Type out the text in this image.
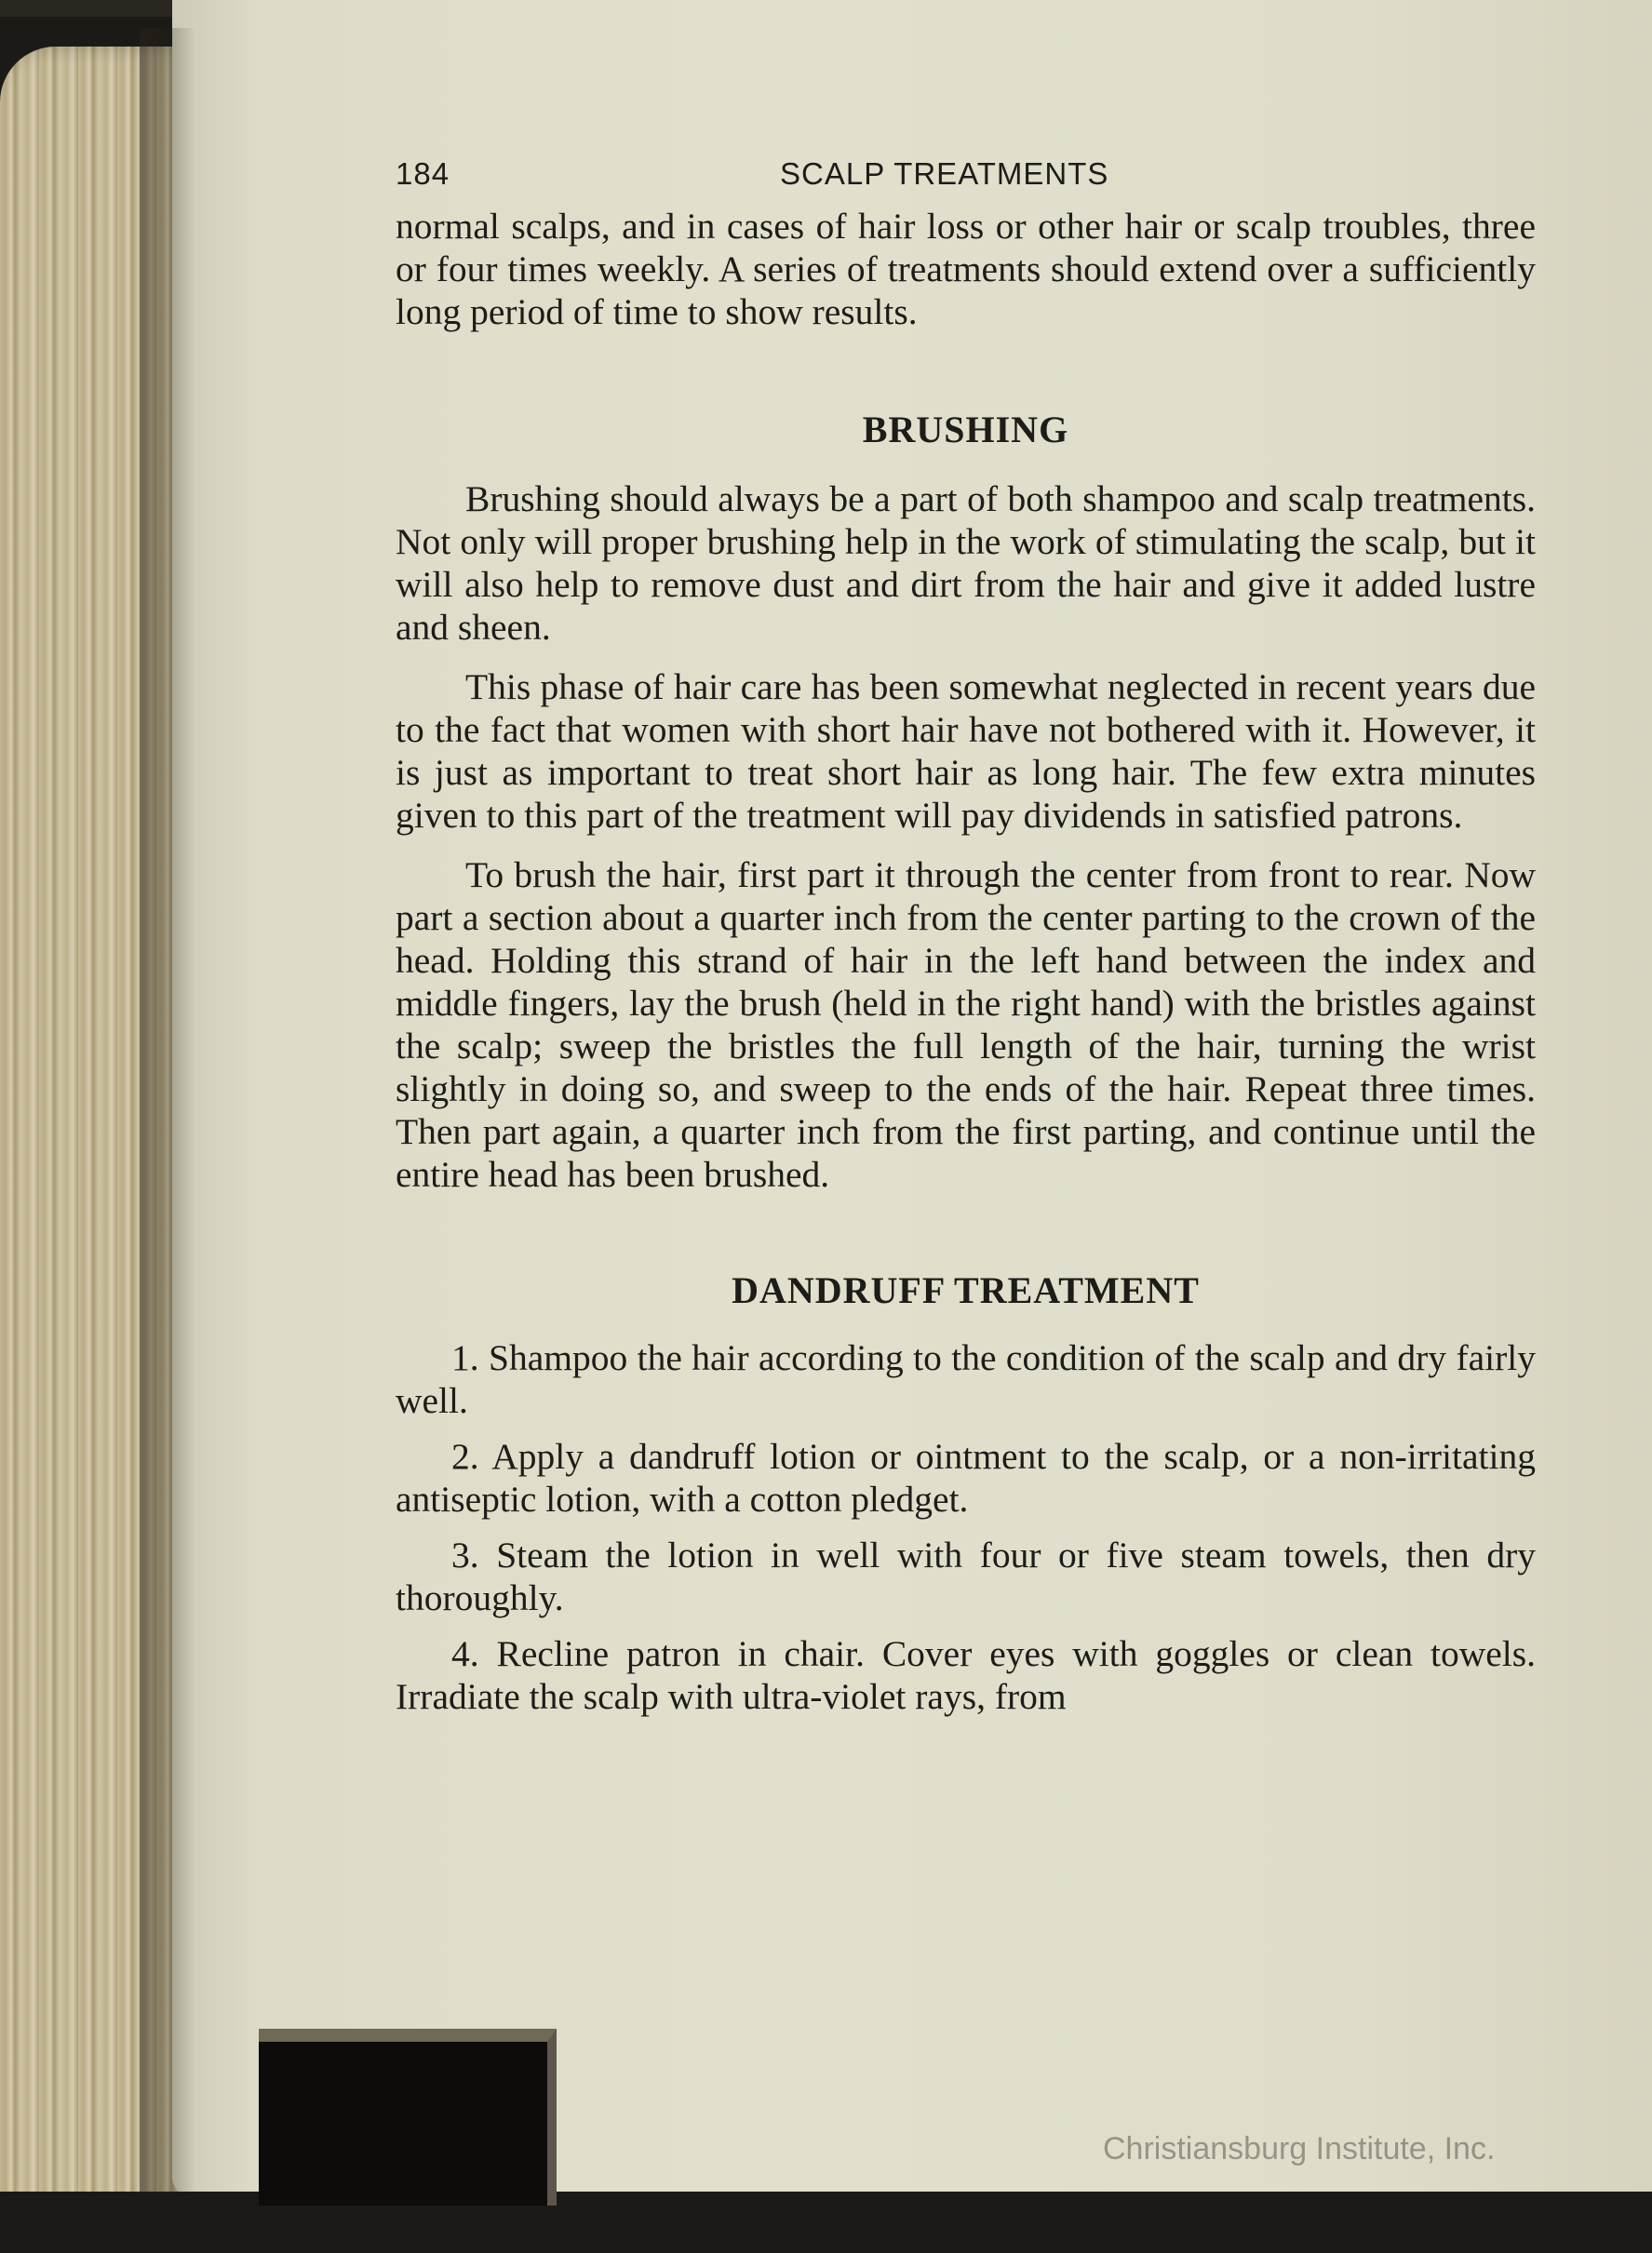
184	SCALP TREATMENTS

normal scalps, and in cases of hair loss or other hair or scalp troubles, three or four times weekly. A series of treatments should extend over a sufficiently long period of time to show results.

BRUSHING

Brushing should always be a part of both shampoo and scalp treatments. Not only will proper brushing help in the work of stimulating the scalp, but it will also help to remove dust and dirt from the hair and give it added lustre and sheen.

This phase of hair care has been somewhat neglected in recent years due to the fact that women with short hair have not bothered with it. However, it is just as important to treat short hair as long hair. The few extra minutes given to this part of the treatment will pay dividends in satisfied patrons.

To brush the hair, first part it through the center from front to rear. Now part a section about a quarter inch from the center parting to the crown of the head. Holding this strand of hair in the left hand between the index and middle fingers, lay the brush (held in the right hand) with the bristles against the scalp; sweep the bristles the full length of the hair, turning the wrist slightly in doing so, and sweep to the ends of the hair. Repeat three times. Then part again, a quarter inch from the first parting, and continue until the entire head has been brushed.

DANDRUFF TREATMENT

1. Shampoo the hair according to the condition of the scalp and dry fairly well.

2. Apply a dandruff lotion or ointment to the scalp, or a non-irritating antiseptic lotion, with a cotton pledget.

3. Steam the lotion in well with four or five steam towels, then dry thoroughly.

4. Recline patron in chair. Cover eyes with goggles or clean towels. Irradiate the scalp with ultra-violet rays, from

Christiansburg Institute, Inc.
